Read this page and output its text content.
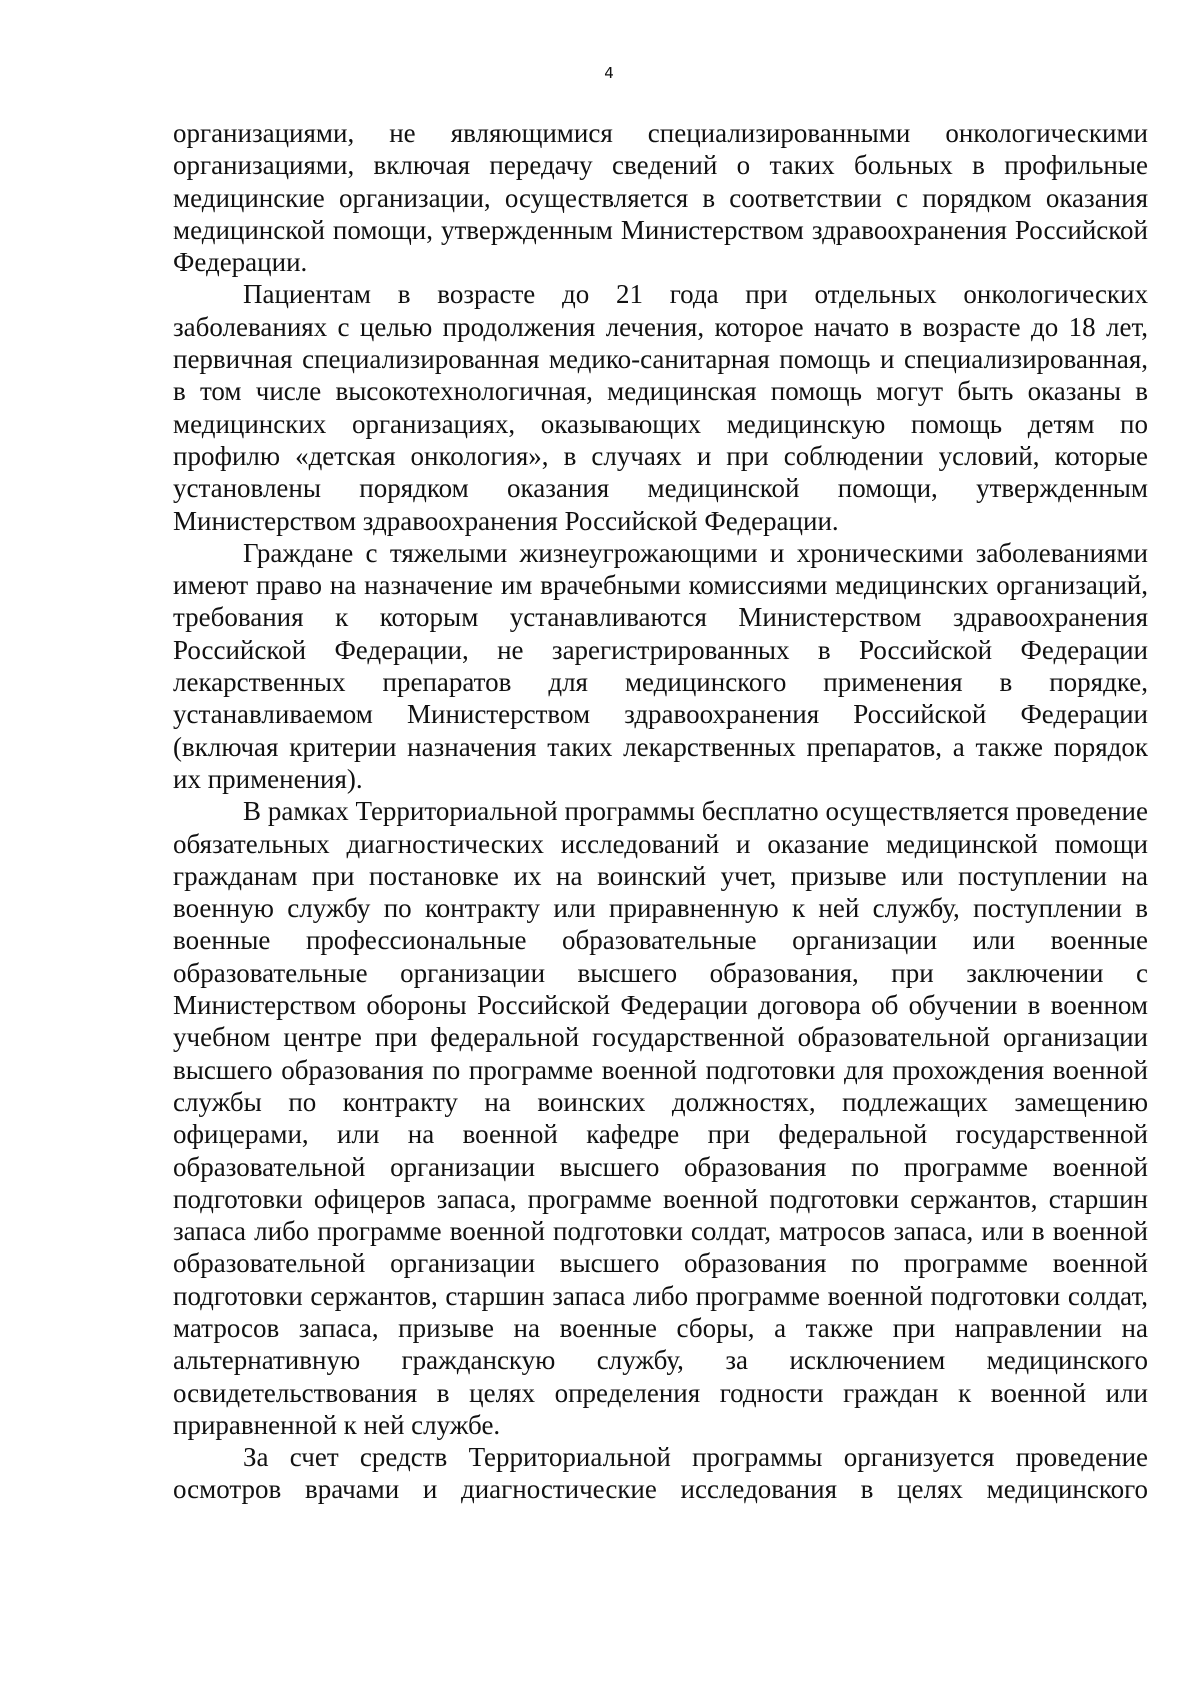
4

организациями, не являющимися специализированными онкологическими организациями, включая передачу сведений о таких больных в профильные медицинские организации, осуществляется в соответствии с порядком оказания медицинской помощи, утвержденным Министерством здравоохранения Российской Федерации.

Пациентам в возрасте до 21 года при отдельных онкологических заболеваниях с целью продолжения лечения, которое начато в возрасте до 18 лет, первичная специализированная медико-санитарная помощь и специализированная, в том числе высокотехнологичная, медицинская помощь могут быть оказаны в медицинских организациях, оказывающих медицинскую помощь детям по профилю «детская онкология», в случаях и при соблюдении условий, которые установлены порядком оказания медицинской помощи, утвержденным Министерством здравоохранения Российской Федерации.

Граждане с тяжелыми жизнеугрожающими и хроническими заболеваниями имеют право на назначение им врачебными комиссиями медицинских организаций, требования к которым устанавливаются Министерством здравоохранения Российской Федерации, не зарегистрированных в Российской Федерации лекарственных препаратов для медицинского применения в порядке, устанавливаемом Министерством здравоохранения Российской Федерации (включая критерии назначения таких лекарственных препаратов, а также порядок их применения).

В рамках Территориальной программы бесплатно осуществляется проведение обязательных диагностических исследований и оказание медицинской помощи гражданам при постановке их на воинский учет, призыве или поступлении на военную службу по контракту или приравненную к ней службу, поступлении в военные профессиональные образовательные организации или военные образовательные организации высшего образования, при заключении с Министерством обороны Российской Федерации договора об обучении в военном учебном центре при федеральной государственной образовательной организации высшего образования по программе военной подготовки для прохождения военной службы по контракту на воинских должностях, подлежащих замещению офицерами, или на военной кафедре при федеральной государственной образовательной организации высшего образования по программе военной подготовки офицеров запаса, программе военной подготовки сержантов, старшин запаса либо программе военной подготовки солдат, матросов запаса, или в военной образовательной организации высшего образования по программе военной подготовки сержантов, старшин запаса либо программе военной подготовки солдат, матросов запаса, призыве на военные сборы, а также при направлении на альтернативную гражданскую службу, за исключением медицинского освидетельствования в целях определения годности граждан к военной или приравненной к ней службе.

За счет средств Территориальной программы организуется проведение осмотров врачами и диагностические исследования в целях медицинского
